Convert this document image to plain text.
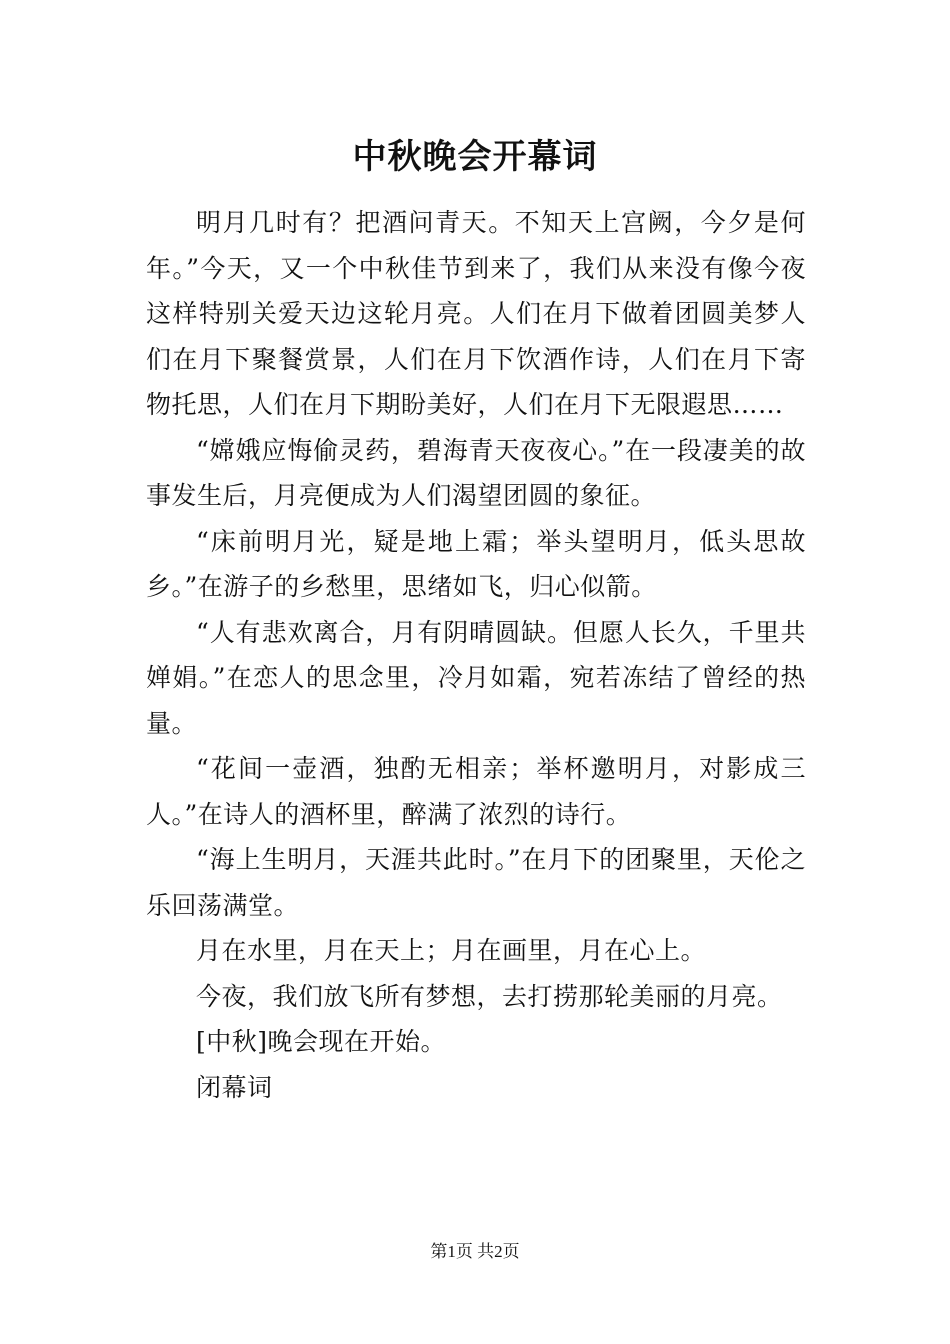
中秋晚会开幕词

明月几时有？把酒问青天。不知天上宫阙，今夕是何年。”今天，又一个中秋佳节到来了，我们从来没有像今夜这样特别关爱天边这轮月亮。人们在月下做着团圆美梦人们在月下聚餐赏景，人们在月下饮酒作诗，人们在月下寄物托思，人们在月下期盼美好，人们在月下无限遐思……

“嫦娥应悔偷灵药，碧海青天夜夜心。”在一段凄美的故事发生后，月亮便成为人们渴望团圆的象征。

“床前明月光，疑是地上霜；举头望明月，低头思故乡。”在游子的乡愁里，思绪如飞，归心似箭。

“人有悲欢离合，月有阴晴圆缺。但愿人长久，千里共婵娟。”在恋人的思念里，冷月如霜，宛若冻结了曾经的热量。

“花间一壶酒，独酌无相亲；举杯邀明月，对影成三人。”在诗人的酒杯里，醉满了浓烈的诗行。

“海上生明月，天涯共此时。”在月下的团聚里，天伦之乐回荡满堂。

月在水里，月在天上；月在画里，月在心上。

今夜，我们放飞所有梦想，去打捞那轮美丽的月亮。

[中秋]晚会现在开始。

闭幕词

第1页 共2页
